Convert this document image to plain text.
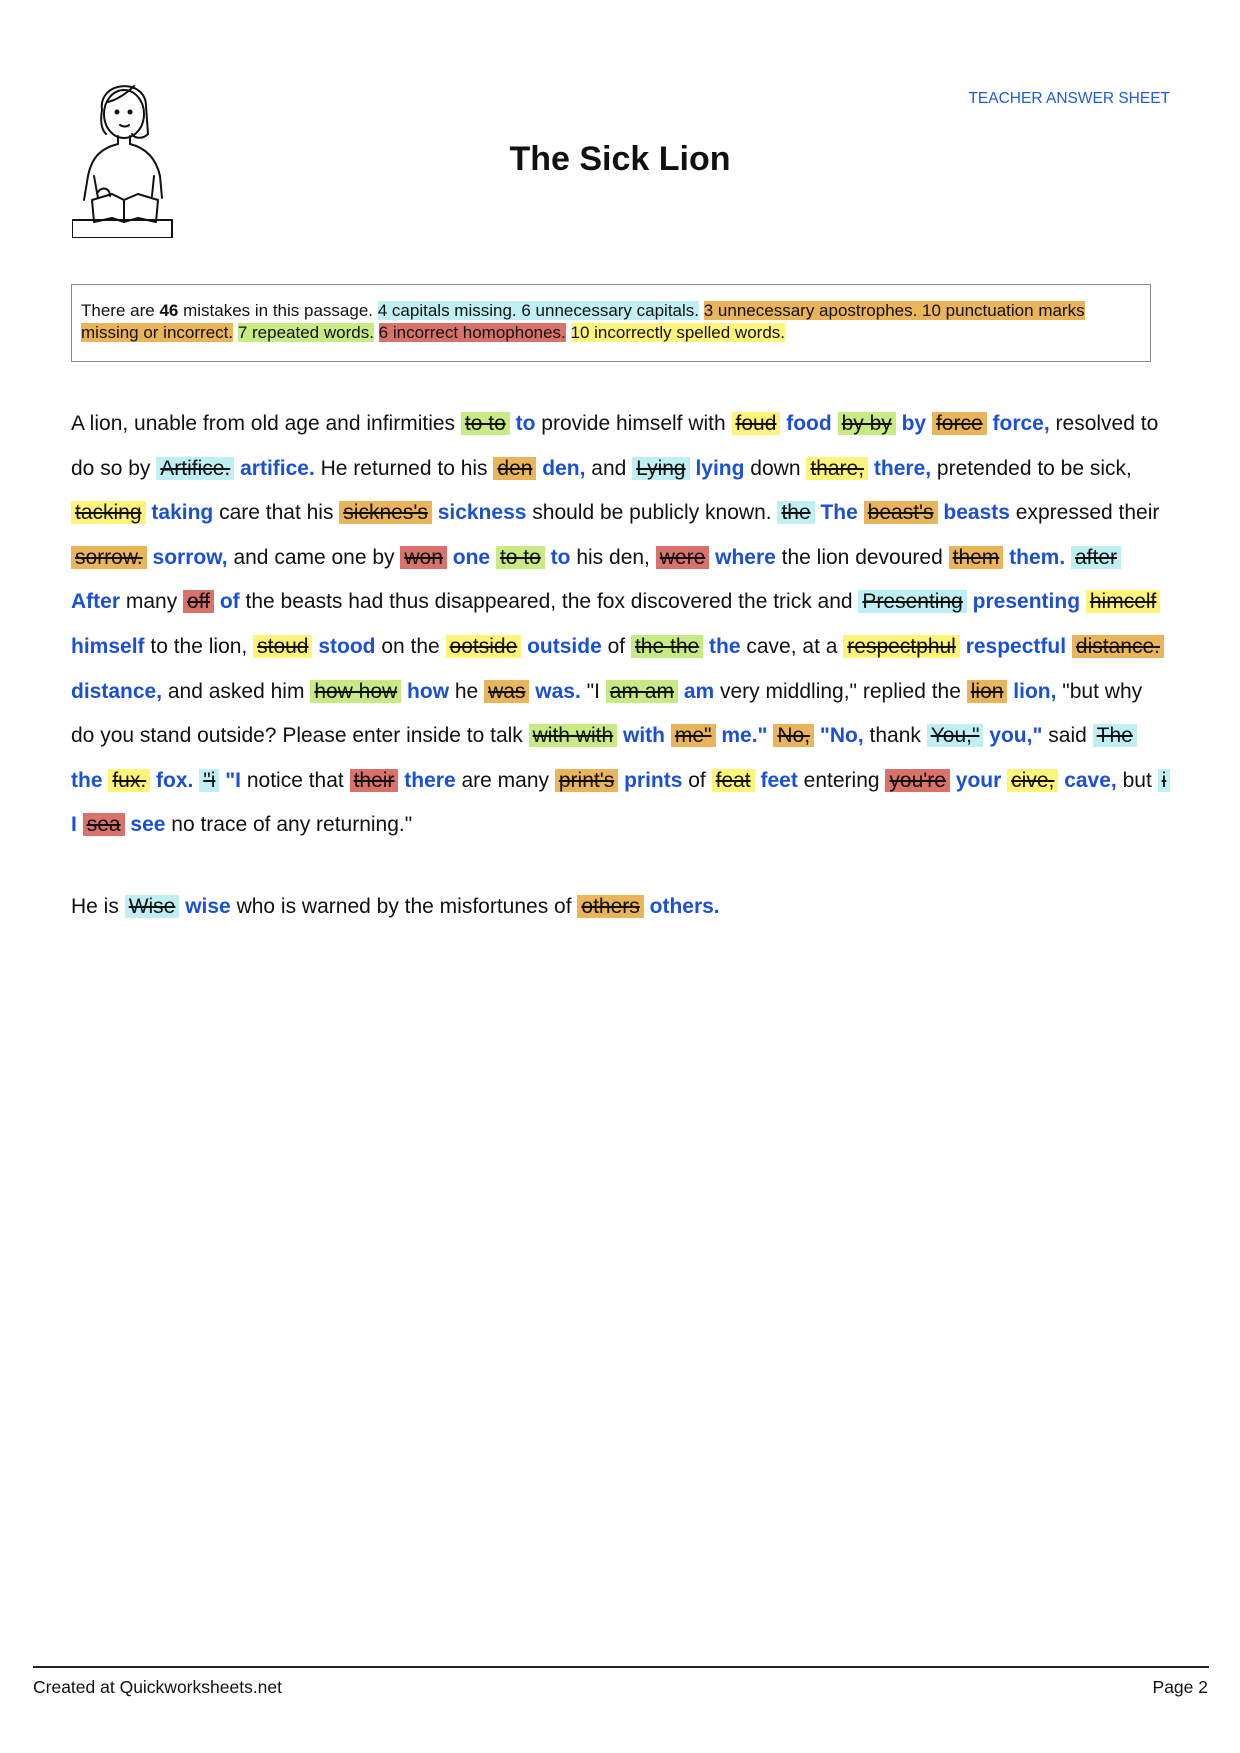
TEACHER ANSWER SHEET
The Sick Lion
There are 46 mistakes in this passage. 4 capitals missing. 6 unnecessary capitals. 3 unnecessary apostrophes. 10 punctuation marks missing or incorrect. 7 repeated words. 6 incorrect homophones. 10 incorrectly spelled words.
A lion, unable from old age and infirmities to to to provide himself with foud food by by by force force, resolved to do so by Artifice. artifice. He returned to his den den, and Lying lying down thare, there, pretended to be sick, tacking taking care that his sicknes's sickness should be publicly known. the The beast's beasts expressed their sorrow. sorrow, and came one by won one to to to his den, were where the lion devoured them them. after After many off of the beasts had thus disappeared, the fox discovered the trick and Presenting presenting himcelf himself to the lion, stoud stood on the ootside outside of the the the cave, at a respectphul respectful distance. distance, and asked him how how how he was was. "I am am am very middling," replied the lion lion, "but why do you stand outside? Please enter inside to talk with with with me" me." No, "No, thank You," you," said The the fux. fox. "i "I notice that their there are many print's prints of feat feet entering you're your cive, cave, but i I sea see no trace of any returning."
He is Wise wise who is warned by the misfortunes of others others.
Created at Quickworksheets.net	Page 2
